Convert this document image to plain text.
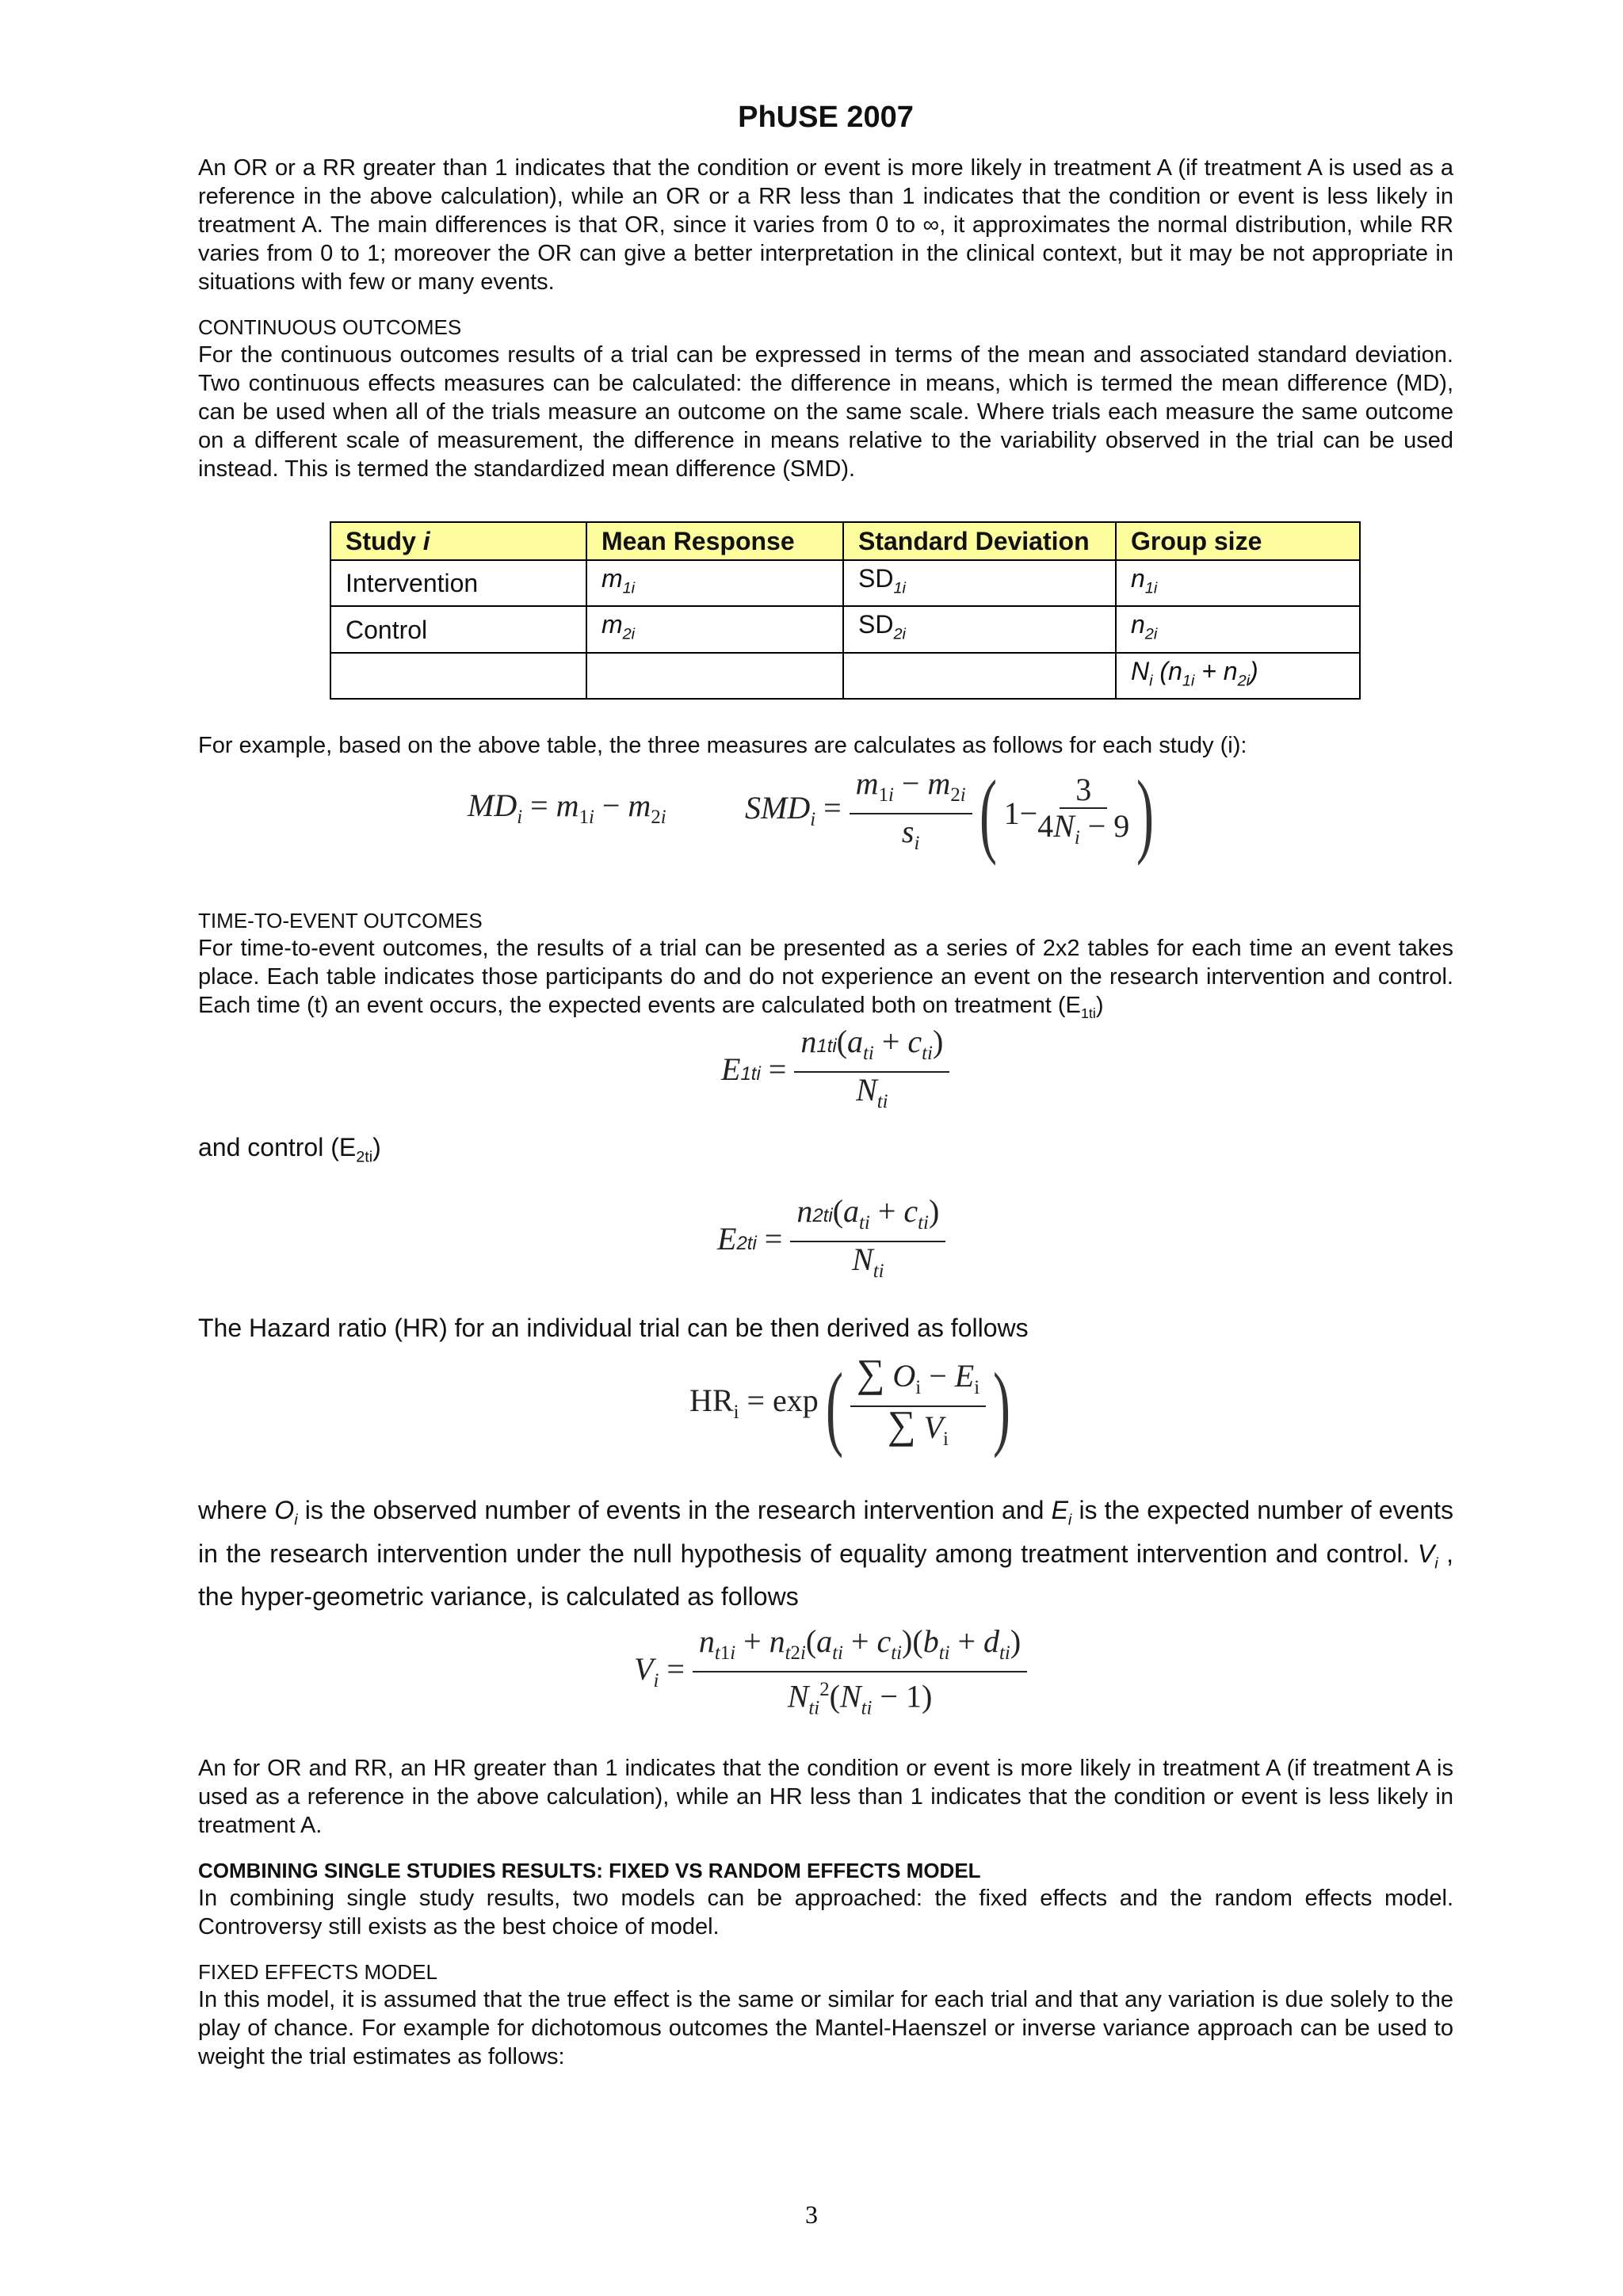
PhUSE 2007

An OR or a RR greater than 1 indicates that the condition or event is more likely in treatment A (if treatment A is used as a reference in the above calculation), while an OR or a RR less than 1 indicates that the condition or event is less likely in treatment A. The main differences is that OR, since it varies from 0 to ∞, it approximates the normal distribution, while RR varies from 0 to 1; moreover the OR can give a better interpretation in the clinical context, but it may be not appropriate in situations with few or many events.

CONTINUOUS OUTCOMES

For the continuous outcomes results of a trial can be expressed in terms of the mean and associated standard deviation. Two continuous effects measures can be calculated: the difference in means, which is termed the mean difference (MD), can be used when all of the trials measure an outcome on the same scale. Where trials each measure the same outcome on a different scale of measurement, the difference in means relative to the variability observed in the trial can be used instead. This is termed the standardized mean difference (SMD).

Study i	Mean Response	Standard Deviation	Group size
Intervention	$m_{1i}$	$SD_{1i}$	$n_{1i}$
Control	$m_{2i}$	$SD_{2i}$	$n_{2i}$
			$N_i$ $(n_{1i} + n_{2i})$

For example, based on the above table, the three measures are calculates as follows for each study (i):

$MD_i = m_{1i} - m_{2i}$ $SMD_i = \frac{m_{1i} - m_{2i}}{s_i}$ ( $1- \frac{3}{4N_i - 9}$ )
TIME-TO-EVENT OUTCOMES

For time-to-event outcomes, the results of a trial can be presented as a series of 2x2 tables for each time an event takes place. Each table indicates those participants do and do not experience an event on the research intervention and control. Each time (t) an event occurs, the expected events are calculated both on treatment $(E_{1ti})$

$E1ti = \frac{n1ti(a_{ti} + c_{ti})}{N_{ti}}$

and control $(E_{2ti})$

$E2ti = \frac{n2ti(a_{ti} + c_{ti})}{N_{ti}}$

The Hazard ratio (HR) for an individual trial can be then derived as follows

$HR_i = \exp$ ( $\frac{\sum O_i - E_i}{\sum V_i}$ )

where $O_i$ is the observed number of events in the research intervention and $E_i$ is the expected number of events in the research intervention under the null hypothesis of equality among treatment intervention and control. $V_i$ , the hyper-geometric variance, is calculated as follows

$V_i = \frac{n_{t1i} + n_{t2i}(a_{ti} + c_{ti})(b_{ti} + d_{ti})}{N_{ti}^2(N_{ti} - 1)}$

An for OR and RR, an HR greater than 1 indicates that the condition or event is more likely in treatment A (if treatment A is used as a reference in the above calculation), while an HR less than 1 indicates that the condition or event is less likely in treatment A.

COMBINING SINGLE STUDIES RESULTS: FIXED VS RANDOM EFFECTS MODEL

In combining single study results, two models can be approached: the fixed effects and the random effects model. Controversy still exists as the best choice of model.

FIXED EFFECTS MODEL

In this model, it is assumed that the true effect is the same or similar for each trial and that any variation is due solely to the play of chance. For example for dichotomous outcomes the Mantel-Haenszel or inverse variance approach can be used to weight the trial estimates as follows:

3
